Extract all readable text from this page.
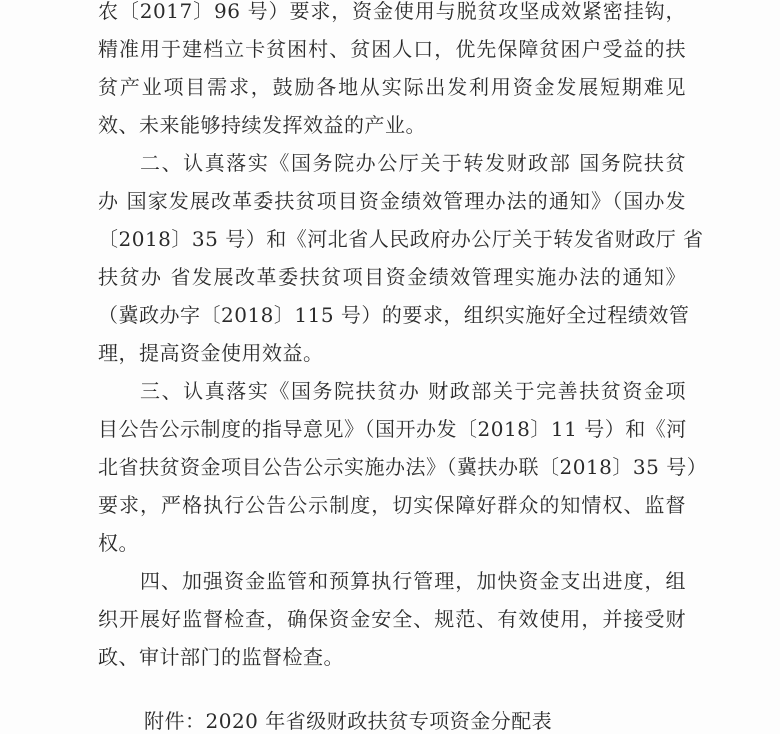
农〔2017〕96 号）要求，资金使用与脱贫攻坚成效紧密挂钩，
精准用于建档立卡贫困村、贫困人口，优先保障贫困户受益的扶
贫产业项目需求，鼓励各地从实际出发利用资金发展短期难见
效、未来能够持续发挥效益的产业。
二、认真落实《国务院办公厅关于转发财政部 国务院扶贫
办 国家发展改革委扶贫项目资金绩效管理办法的通知》（国办发
〔2018〕35 号）和《河北省人民政府办公厅关于转发省财政厅 省
扶贫办 省发展改革委扶贫项目资金绩效管理实施办法的通知》
（冀政办字〔2018〕115 号）的要求，组织实施好全过程绩效管
理，提高资金使用效益。
三、认真落实《国务院扶贫办 财政部关于完善扶贫资金项
目公告公示制度的指导意见》（国开办发〔2018〕11 号）和《河
北省扶贫资金项目公告公示实施办法》（冀扶办联〔2018〕35 号）
要求，严格执行公告公示制度，切实保障好群众的知情权、监督
权。
四、加强资金监管和预算执行管理，加快资金支出进度，组
织开展好监督检查，确保资金安全、规范、有效使用，并接受财
政、审计部门的监督检查。
附件：2020 年省级财政扶贫专项资金分配表
